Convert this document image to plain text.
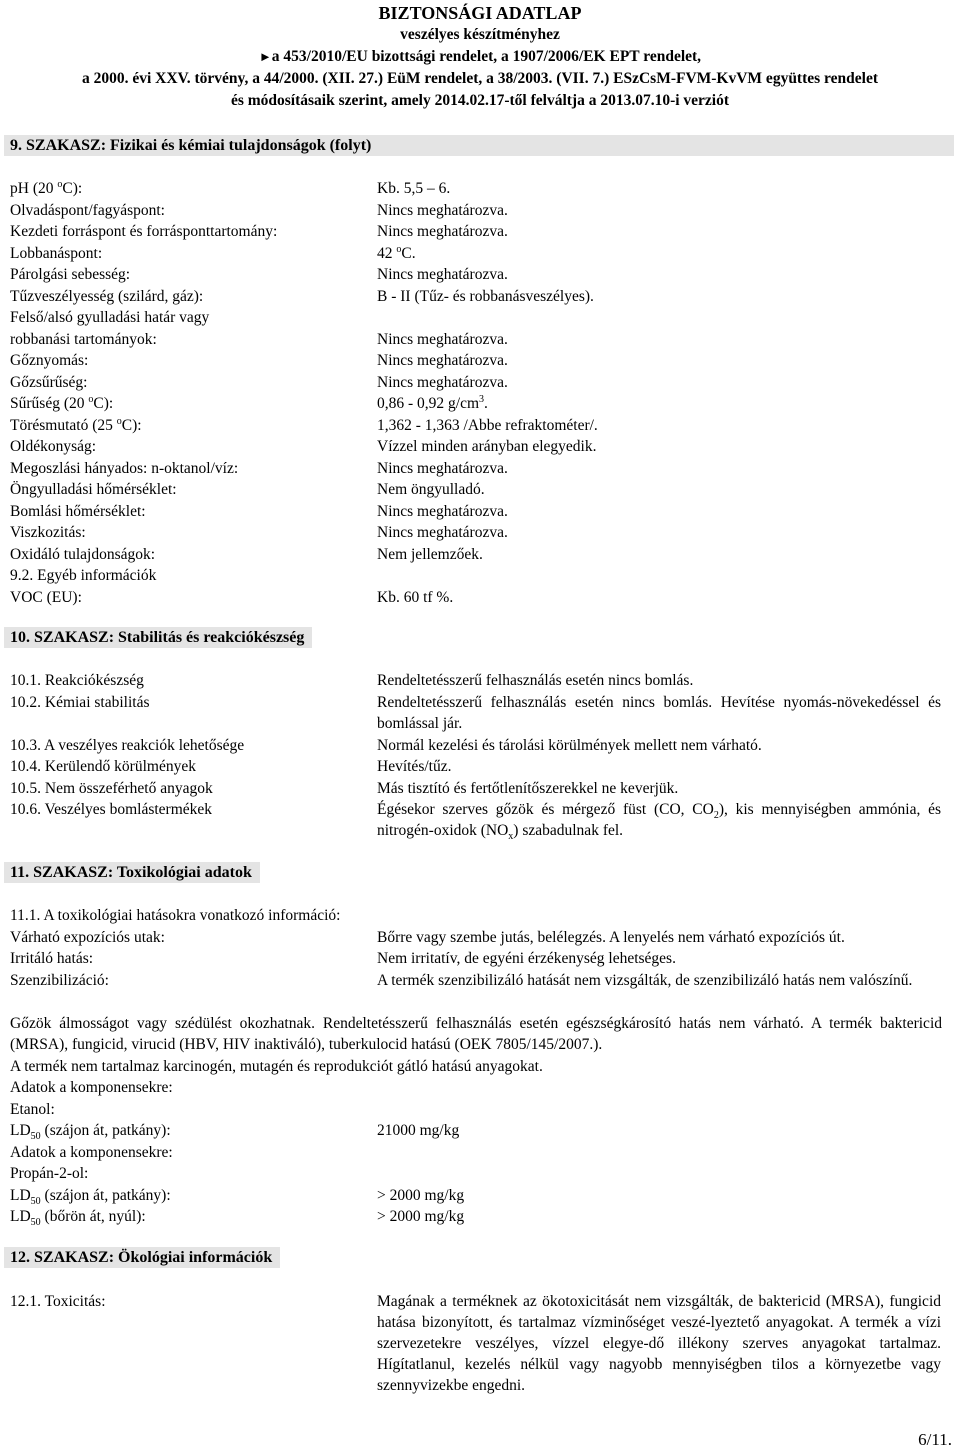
BIZTONSÁGI ADATLAP
veszélyes készítményhez
►a 453/2010/EU bizottsági rendelet, a 1907/2006/EK EPT rendelet,
a 2000. évi XXV. törvény, a 44/2000. (XII. 27.) EüM rendelet, a 38/2003. (VII. 7.) ESzCsM-FVM-KvVM együttes rendelet
és módosításaik szerint, amely 2014.02.17-től felváltja a 2013.07.10-i verziót
9. SZAKASZ: Fizikai és kémiai tulajdonságok (folyt)
pH (20 $^o$C):	Kb. 5,5 – 6.
Olvadáspont/fagyáspont:	Nincs meghatározva.
Kezdeti forráspont és forrásponttartomány:	Nincs meghatározva.
Lobbanáspont:	42 $^o$C.
Párolgási sebesség:	Nincs meghatározva.
Tűzveszélyesség (szilárd, gáz):	B - II (Tűz- és robbanásveszélyes).
Felső/alsó gyulladási határ vagy
robbanási tartományok:	Nincs meghatározva.
Gőznyomás:	Nincs meghatározva.
Gőzsűrűség:	Nincs meghatározva.
Sűrűség (20 $^o$C):	0,86 - 0,92 $g/cm^3$.
Törésmutató (25 $^o$C):	1,362 - 1,363 /Abbe refraktométer/.
Oldékonyság:	Vízzel minden arányban elegyedik.
Megoszlási hányados: n-oktanol/víz:	Nincs meghatározva.
Öngyulladási hőmérséklet:	Nem öngyulladó.
Bomlási hőmérséklet:	Nincs meghatározva.
Viszkozitás:	Nincs meghatározva.
Oxidáló tulajdonságok:	Nem jellemzőek.
9.2. Egyéb információk
VOC (EU):	Kb. 60 tf %.
10. SZAKASZ: Stabilitás és reakciókészség
10.1. Reakciókészség	Rendeltetésszerű felhasználás esetén nincs bomlás.
10.2. Kémiai stabilitás	Rendeltetésszerű felhasználás esetén nincs bomlás. Hevítése nyomás-növekedéssel és bomlással jár.
10.3. A veszélyes reakciók lehetősége	Normál kezelési és tárolási körülmények mellett nem várható.
10.4. Kerülendő körülmények	Hevítés/tűz.
10.5. Nem összeférhető anyagok	Más tisztító és fertőtlenítőszerekkel ne keverjük.
10.6. Veszélyes bomlástermékek	Égésekor szerves gőzök és mérgező füst (CO, $CO_2$), kis mennyiségben ammónia, és nitrogén-oxidok $(NO_x)$ szabadulnak fel.
11. SZAKASZ: Toxikológiai adatok
11.1. A toxikológiai hatásokra vonatkozó információ:
Várható expozíciós utak:	Bőrre vagy szembe jutás, belélegzés. A lenyelés nem várható expozíciós út.
Irritáló hatás:	Nem irritatív, de egyéni érzékenység lehetséges.
Szenzibilizáció:	A termék szenzibilizáló hatását nem vizsgálták, de szenzibilizáló hatás nem valószínű.
Gőzök álmosságot vagy szédülést okozhatnak. Rendeltetésszerű felhasználás esetén egészségkárosító hatás nem várható. A termék baktericid (MRSA), fungicid, virucid (HBV, HIV inaktiváló), tuberkulocid hatású (OEK 7805/145/2007.).
A termék nem tartalmaz karcinogén, mutagén és reprodukciót gátló hatású anyagokat.
Adatok a komponensekre:
Etanol:
$LD_{50}$ (szájon át, patkány):	21000 mg/kg
Adatok a komponensekre:
Propán-2-ol:
$LD_{50}$ (szájon át, patkány):	> 2000 mg/kg
$LD_{50}$ (bőrön át, nyúl):	> 2000 mg/kg
12. SZAKASZ: Ökológiai információk
12.1. Toxicitás:	Magának a terméknek az ökotoxicitását nem vizsgálták, de baktericid (MRSA), fungicid hatása bizonyított, és tartalmaz vízminőséget veszé-lyeztető anyagokat. A termék a vízi szervezetekre veszélyes, vízzel elegye-dő illékony szerves anyagokat tartalmaz. Hígítatlanul, kezelés nélkül vagy nagyobb mennyiségben tilos a környezetbe vagy szennyvizekbe engedni.
6/11.
